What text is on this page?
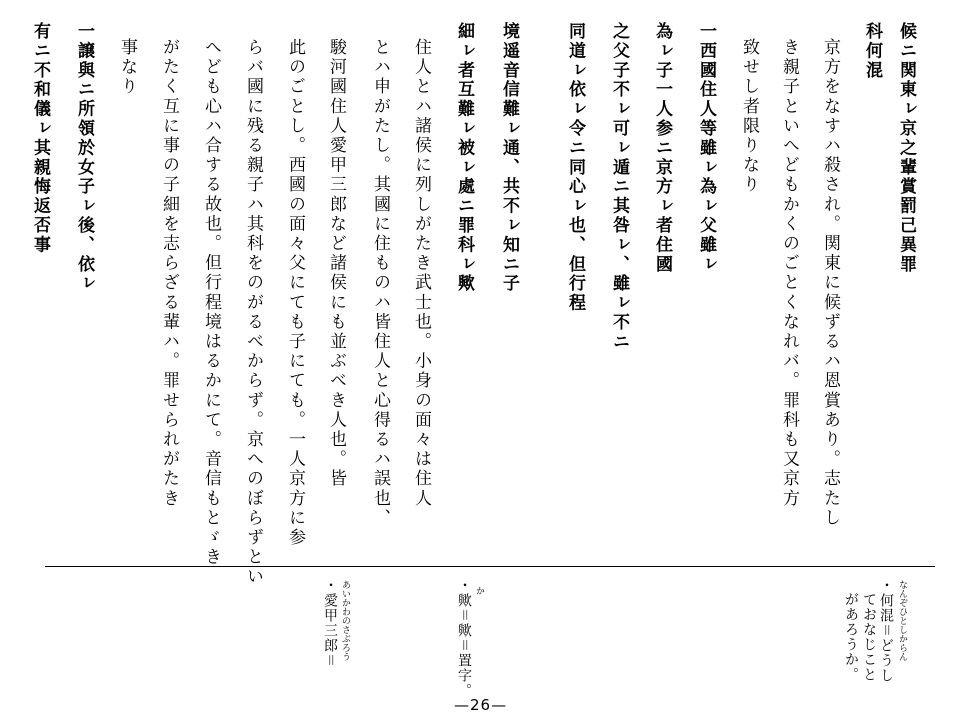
候ニ関東ㇾ京之輩賞罰己異罪
科何混
京方をなすハ殺され。関東に候ずるハ恩賞あり。志たし
き親子といへどもかくのごとくなれバ。罪科も又京方
致せし者限りなり
一西國住人等雖ㇾ為ㇾ父雖ㇾ
為ㇾ子一人参ニ京方ㇾ者住國
之父子不ㇾ可ㇾ遁ニ其咎ㇾ、雖ㇾ不ニ
同道ㇾ依ㇾ令ニ同心ㇾ也、但行程
境遥音信難ㇾ通、共不ㇾ知ニ子
細ㇾ者互難ㇾ被ㇾ處ニ罪科ㇾ歟
住人とハ諸侯に列しがたき武士也。小身の面々は住人
とハ申がたし。其國に住ものハ皆住人と心得るハ誤也、
駿河國住人愛甲三郎など諸侯にも並ぶべき人也。皆
此のごとし。西國の面々父にても子にても。一人京方に参
らバ國に残る親子ハ其科をのがるべからず。京へのぼらずとい
へども心ハ合する故也。但行程境はるかにて。音信もとゞき
がたく互に事の子細を志らざる輩ハ。罪せられがたき
事なり
一譲與ニ所領於女子ㇾ後、依ㇾ
有ニ不和儀ㇾ其親悔返否事
なんぞひとしからん
・何混＝どうし
ておなじこと
があろうか。
か
・歟＝歟＝置字。
あいかわのさぶろう
・愛甲三郎＝
—26—
